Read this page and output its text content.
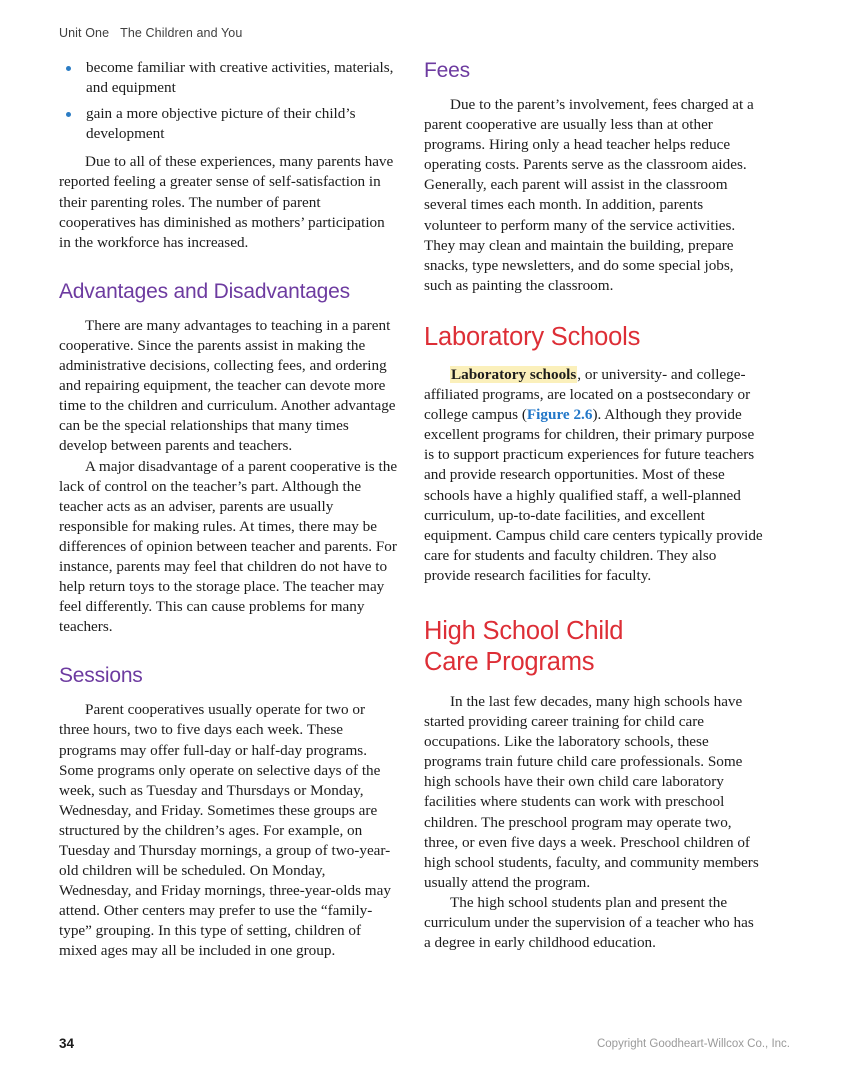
Unit One The Children and You
become familiar with creative activities, materials, and equipment
gain a more objective picture of their child’s development

Due to all of these experiences, many parents have reported feeling a greater sense of self-satisfaction in their parenting roles. The number of parent cooperatives has diminished as mothers’ participation in the workforce has increased.

Advantages and Disadvantages

There are many advantages to teaching in a parent cooperative. Since the parents assist in making the administrative decisions, collecting fees, and ordering and repairing equipment, the teacher can devote more time to the children and curriculum. Another advantage can be the special relationships that many times develop between parents and teachers.

A major disadvantage of a parent cooperative is the lack of control on the teacher’s part. Although the teacher acts as an adviser, parents are usually responsible for making rules. At times, there may be differences of opinion between teacher and parents. For instance, parents may feel that children do not have to help return toys to the storage place. The teacher may feel differently. This can cause problems for many teachers.

Sessions

Parent cooperatives usually operate for two or three hours, two to five days each week. These programs may offer full-day or half-day programs. Some programs only operate on selective days of the week, such as Tuesday and Thursdays or Monday, Wednesday, and Friday. Sometimes these groups are structured by the children’s ages. For example, on Tuesday and Thursday mornings, a group of two-year-old children will be scheduled. On Monday, Wednesday, and Friday mornings, three-year-olds may attend. Other centers may prefer to use the “family-type” grouping. In this type of setting, children of mixed ages may all be included in one group.

Fees

Due to the parent’s involvement, fees charged at a parent cooperative are usually less than at other programs. Hiring only a head teacher helps reduce operating costs. Parents serve as the classroom aides. Generally, each parent will assist in the classroom several times each month. In addition, parents volunteer to perform many of the service activities. They may clean and maintain the building, prepare snacks, type newsletters, and do some special jobs, such as painting the classroom.

Laboratory Schools

Laboratory schools, or university- and college-affiliated programs, are located on a postsecondary or college campus (Figure 2.6). Although they provide excellent programs for children, their primary purpose is to support practicum experiences for future teachers and provide research opportunities. Most of these schools have a highly qualified staff, a well-planned curriculum, up-to-date facilities, and excellent equipment. Campus child care centers typically provide care for students and faculty children. They also provide research facilities for faculty.

High School Child
Care Programs

In the last few decades, many high schools have started providing career training for child care occupations. Like the laboratory schools, these programs train future child care professionals. Some high schools have their own child care laboratory facilities where students can work with preschool children. The preschool program may operate two, three, or even five days a week. Preschool children of high school students, faculty, and community members usually attend the program.

The high school students plan and present the curriculum under the supervision of a teacher who has a degree in early childhood education.

34	Copyright Goodheart-Willcox Co., Inc.
